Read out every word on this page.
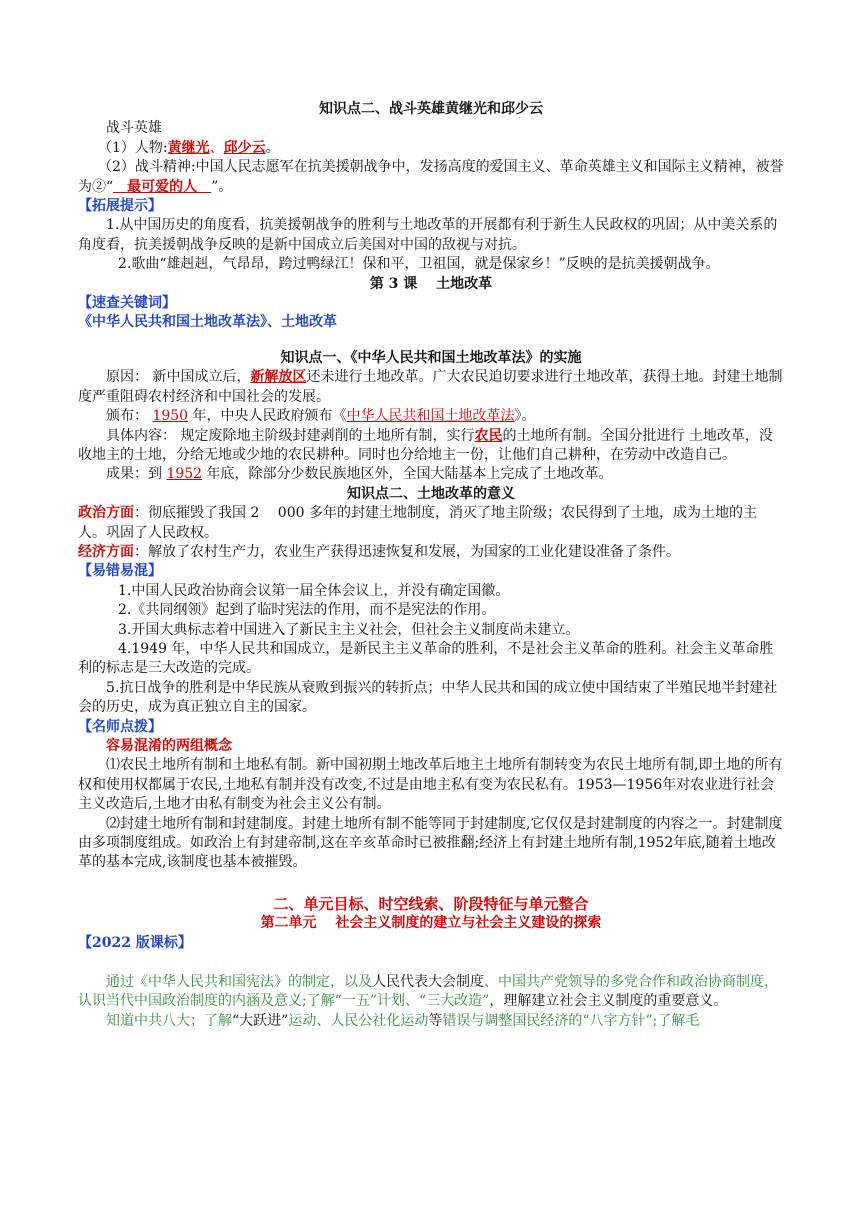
知识点二、战斗英雄黄继光和邱少云

战斗英雄

（1）人物:黄继光、邱少云。

（2）战斗精神:中国人民志愿军在抗美援朝战争中，发扬高度的爱国主义、革命英雄主义和国际主义精神，被誉为②“　最可爱的人　”。

【拓展提示】

1.从中国历史的角度看，抗美援朝战争的胜利与土地改革的开展都有利于新生人民政权的巩固；从中美关系的角度看，抗美援朝战争反映的是新中国成立后美国对中国的敌视与对抗。

2.歌曲“雄赳赳，气昂昂，跨过鸭绿江！保和平，卫祖国，就是保家乡！”反映的是抗美援朝战争。

第 3 课　 土地改革

【速查关键词】

《中华人民共和国土地改革法》、土地改革

知识点一、《中华人民共和国土地改革法》的实施

原因： 新中国成立后，新解放区还未进行土地改革。广大农民迫切要求进行土地改革，获得土地。封建土地制度严重阻碍农村经济和中国社会的发展。

颁布： 1950 年，中央人民政府颁布《中华人民共和国土地改革法》。

具体内容： 规定废除地主阶级封建剥削的土地所有制，实行农民的土地所有制。全国分批进行 土地改革，没收地主的土地，分给无地或少地的农民耕种。同时也分给地主一份，让他们自己耕种，在劳动中改造自己。

成果：到 1952 年底，除部分少数民族地区外，全国大陆基本上完成了土地改革。

知识点二、土地改革的意义

政治方面：彻底摧毁了我国 2　 000 多年的封建土地制度，消灭了地主阶级；农民得到了土地，成为土地的主人。巩固了人民政权。

经济方面：解放了农村生产力，农业生产获得迅速恢复和发展，为国家的工业化建设准备了条件。

【易错易混】

1.中国人民政治协商会议第一届全体会议上，并没有确定国徽。

2.《共同纲领》起到了临时宪法的作用，而不是宪法的作用。

3.开国大典标志着中国进入了新民主主义社会，但社会主义制度尚未建立。

4.1949 年，中华人民共和国成立，是新民主主义革命的胜利，不是社会主义革命的胜利。社会主义革命胜利的标志是三大改造的完成。

5.抗日战争的胜利是中华民族从衰败到振兴的转折点；中华人民共和国的成立使中国结束了半殖民地半封建社会的历史，成为真正独立自主的国家。

【名师点拨】

容易混淆的两组概念

⑴农民土地所有制和土地私有制。新中国初期土地改革后地主土地所有制转变为农民土地所有制,即土地的所有权和使用权都属于农民,土地私有制并没有改变,不过是由地主私有变为农民私有。1953—1956年对农业进行社会主义改造后,土地才由私有制变为社会主义公有制。

⑵封建土地所有制和封建制度。封建土地所有制不能等同于封建制度,它仅仅是封建制度的内容之一。封建制度由多项制度组成。如政治上有封建帝制,这在辛亥革命时已被推翻;经济上有封建土地所有制,1952年底,随着土地改革的基本完成,该制度也基本被摧毁。

二、单元目标、时空线索、阶段特征与单元整合

第二单元　 社会主义制度的建立与社会主义建设的探索

【2022 版课标】

通过《中华人民共和国宪法》的制定，以及人民代表大会制度、中国共产党领导的多党合作和政治协商制度，认识当代中国政治制度的内涵及意义;了解“一五”计划、“三大改造”，理解建立社会主义制度的重要意义。

知道中共八大；了解“大跃进”运动、人民公社化运动等错误与调整国民经济的“八字方针”;了解毛
